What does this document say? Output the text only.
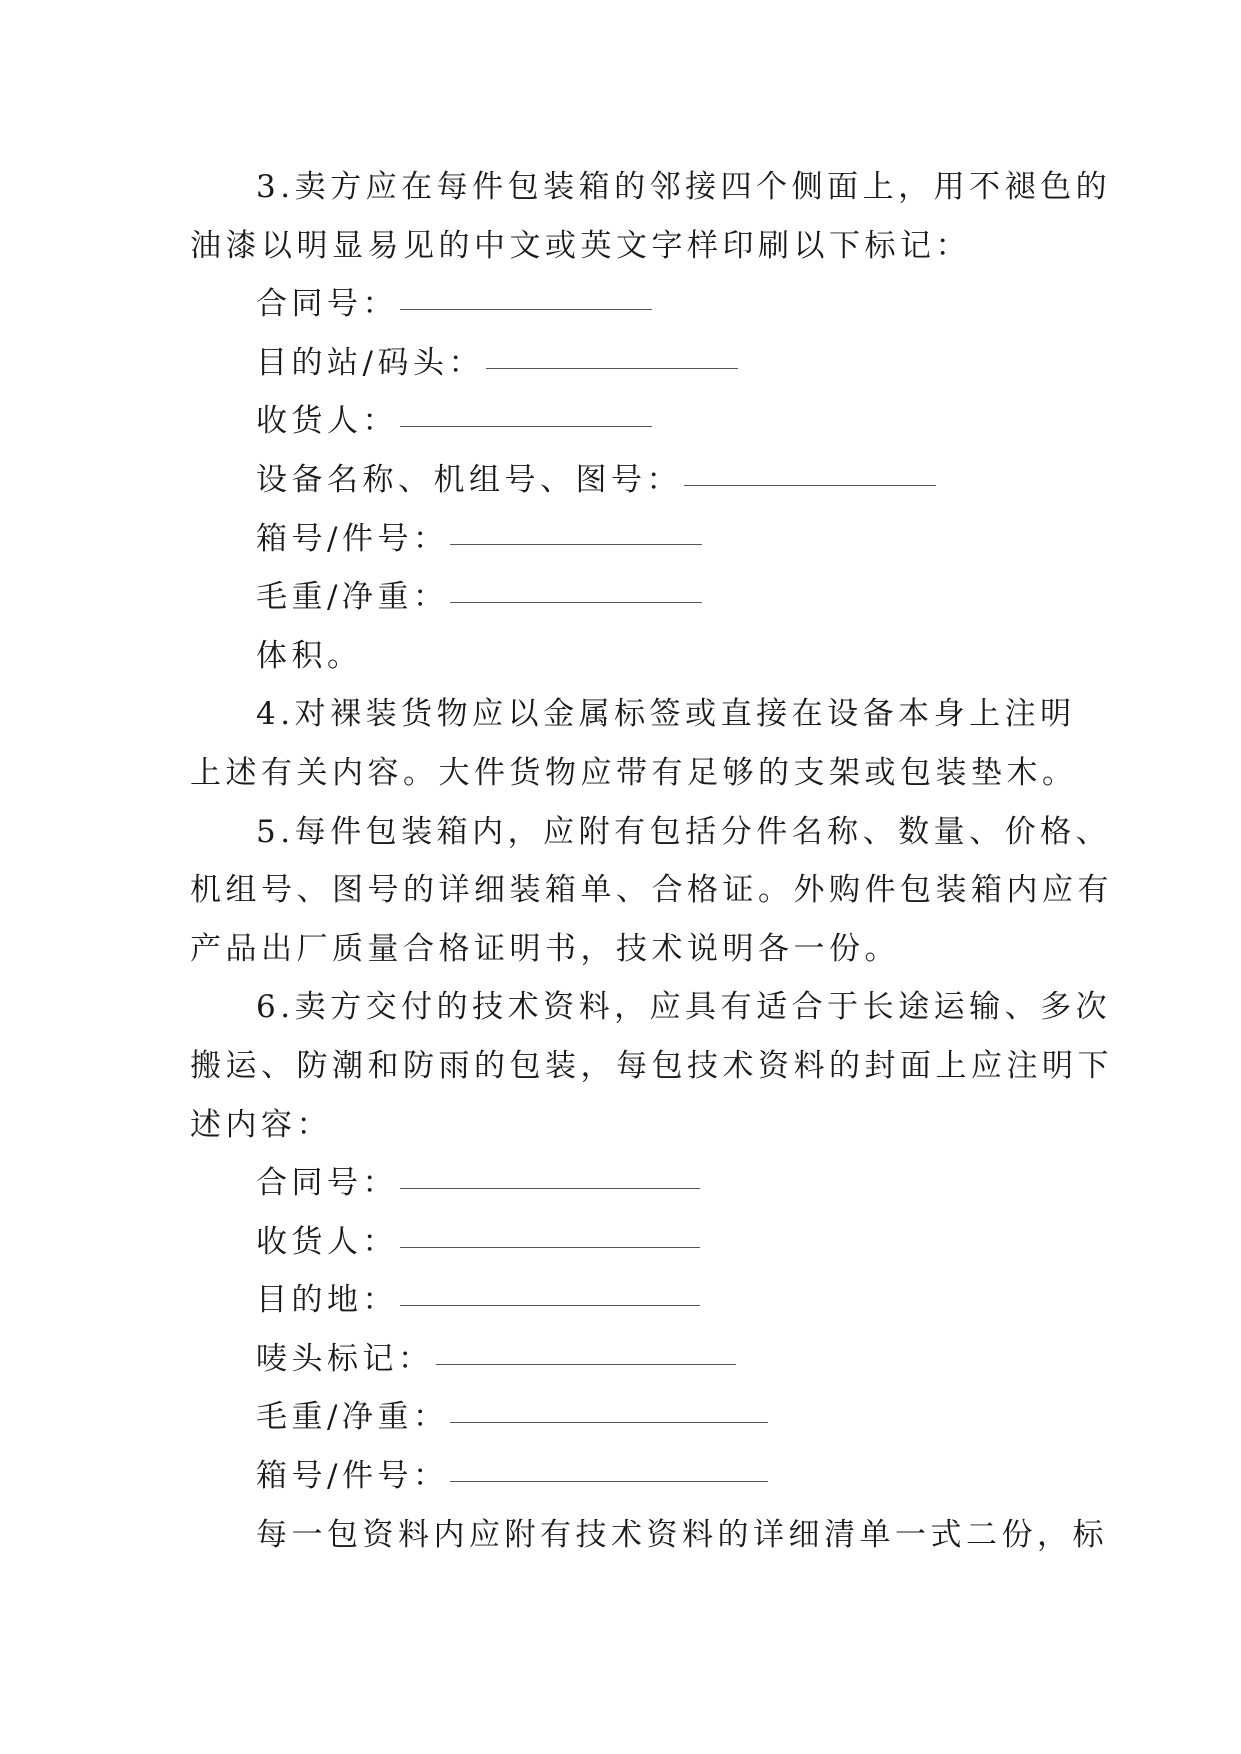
3.卖方应在每件包装箱的邻接四个侧面上，用不褪色的
油漆以明显易见的中文或英文字样印刷以下标记：
合同号：
目的站/码头：
收货人：
设备名称、机组号、图号：
箱号/件号：
毛重/净重：
体积。
4.对裸装货物应以金属标签或直接在设备本身上注明
上述有关内容。大件货物应带有足够的支架或包装垫木。
5.每件包装箱内，应附有包括分件名称、数量、价格、
机组号、图号的详细装箱单、合格证。外购件包装箱内应有
产品出厂质量合格证明书，技术说明各一份。
6.卖方交付的技术资料，应具有适合于长途运输、多次
搬运、防潮和防雨的包装，每包技术资料的封面上应注明下
述内容：
合同号：
收货人：
目的地：
唛头标记：
毛重/净重：
箱号/件号：
每一包资料内应附有技术资料的详细清单一式二份，标
